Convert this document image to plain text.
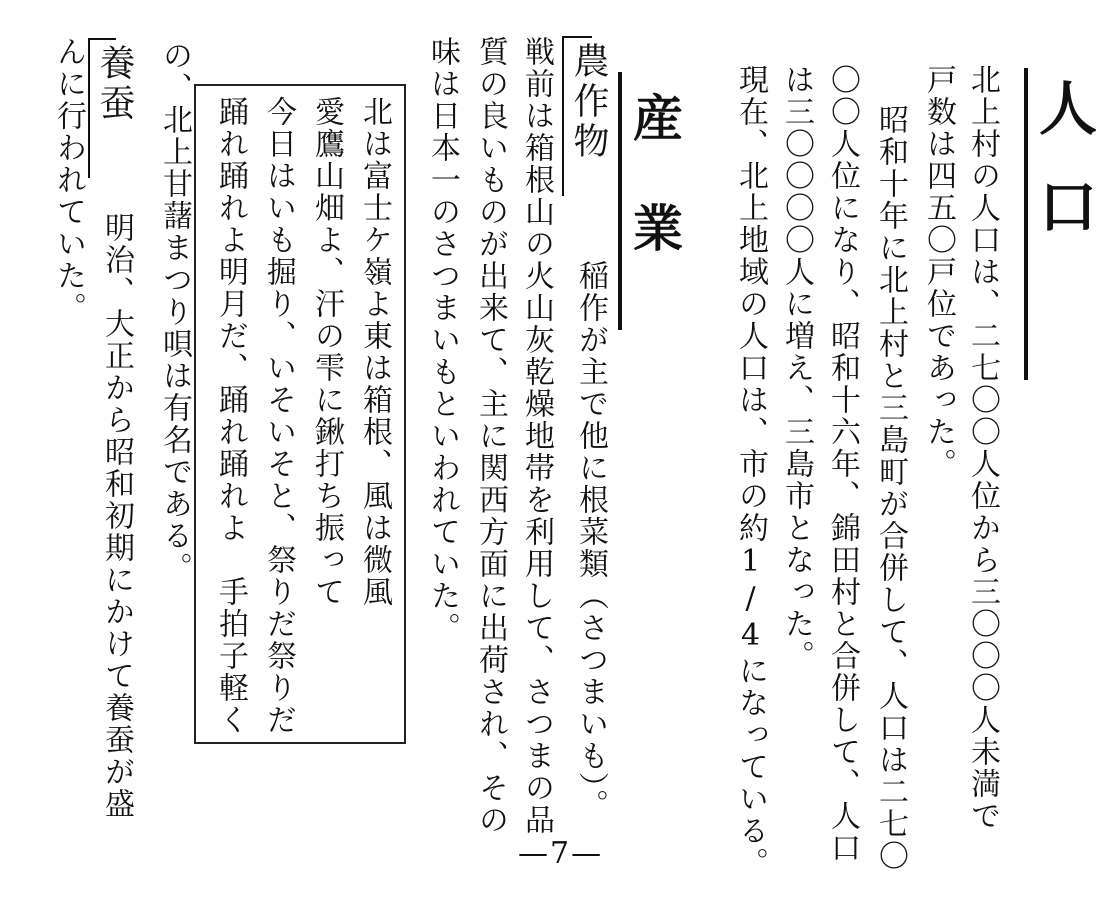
人口
北上村の人口は、二七〇〇人位から三〇〇〇人未満で
戸数は四五〇戸位であった。
昭和十年に北上村と三島町が合併して、人口は二七〇
〇〇人位になり、昭和十六年、錦田村と合併して、人口
は三〇〇〇〇人に増え、三島市となった。
現在、北上地域の人口は、市の約1/4になっている。
産業
農作物
　稲作が主で他に根菜類（さつまいも）。
戦前は箱根山の火山灰乾燥地帯を利用して、さつまの品
質の良いものが出来て、主に関西方面に出荷され、その
味は日本一のさつまいもといわれていた。
北は富士ケ嶺よ東は箱根、風は微風
愛鷹山畑よ、汗の雫に鍬打ち振って
今日はいも掘り、いそいそと、祭りだ祭りだ
踊れ踊れよ明月だ、踊れ踊れよ　手拍子軽く
の、北上甘藷まつり唄は有名である。
養蚕
　明治、大正から昭和初期にかけて養蚕が盛
んに行われていた。
—7—
